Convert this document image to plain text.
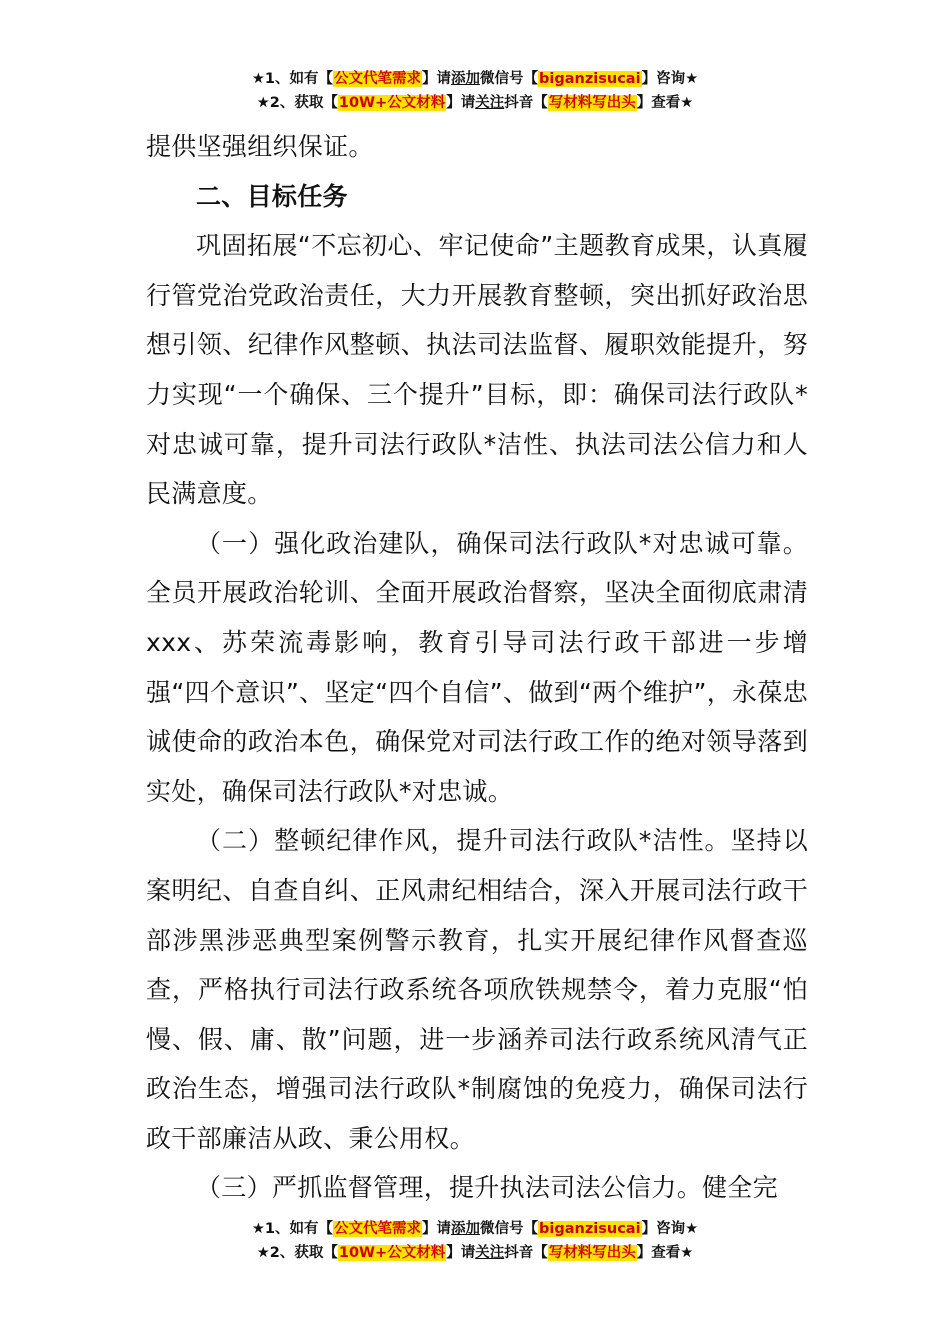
★1、如有【公文代笔需求】请添加微信号【biganzisucai】咨询★
★2、获取【10W+公文材料】请关注抖音【写材料写出头】查看★

提供坚强组织保证。

二、目标任务

巩固拓展“不忘初心、牢记使命”主题教育成果，认真履行管党治党政治责任，大力开展教育整顿，突出抓好政治思想引领、纪律作风整顿、执法司法监督、履职效能提升，努力实现“一个确保、三个提升”目标，即：确保司法行政队*对忠诚可靠，提升司法行政队*洁性、执法司法公信力和人民满意度。

（一）强化政治建队，确保司法行政队*对忠诚可靠。全员开展政治轮训、全面开展政治督察，坚决全面彻底肃清xxx、苏荣流毒影响，教育引导司法行政干部进一步增强“四个意识”、坚定“四个自信”、做到“两个维护”，永葆忠诚使命的政治本色，确保党对司法行政工作的绝对领导落到实处，确保司法行政队*对忠诚。

（二）整顿纪律作风，提升司法行政队*洁性。坚持以案明纪、自查自纠、正风肃纪相结合，深入开展司法行政干部涉黑涉恶典型案例警示教育，扎实开展纪律作风督查巡查，严格执行司法行政系统各项欣铁规禁令，着力克服“怕慢、假、庸、散”问题，进一步涵养司法行政系统风清气正政治生态，增强司法行政队*制腐蚀的免疫力，确保司法行政干部廉洁从政、秉公用权。

（三）严抓监督管理，提升执法司法公信力。健全完

★1、如有【公文代笔需求】请添加微信号【biganzisucai】咨询★
★2、获取【10W+公文材料】请关注抖音【写材料写出头】查看★
